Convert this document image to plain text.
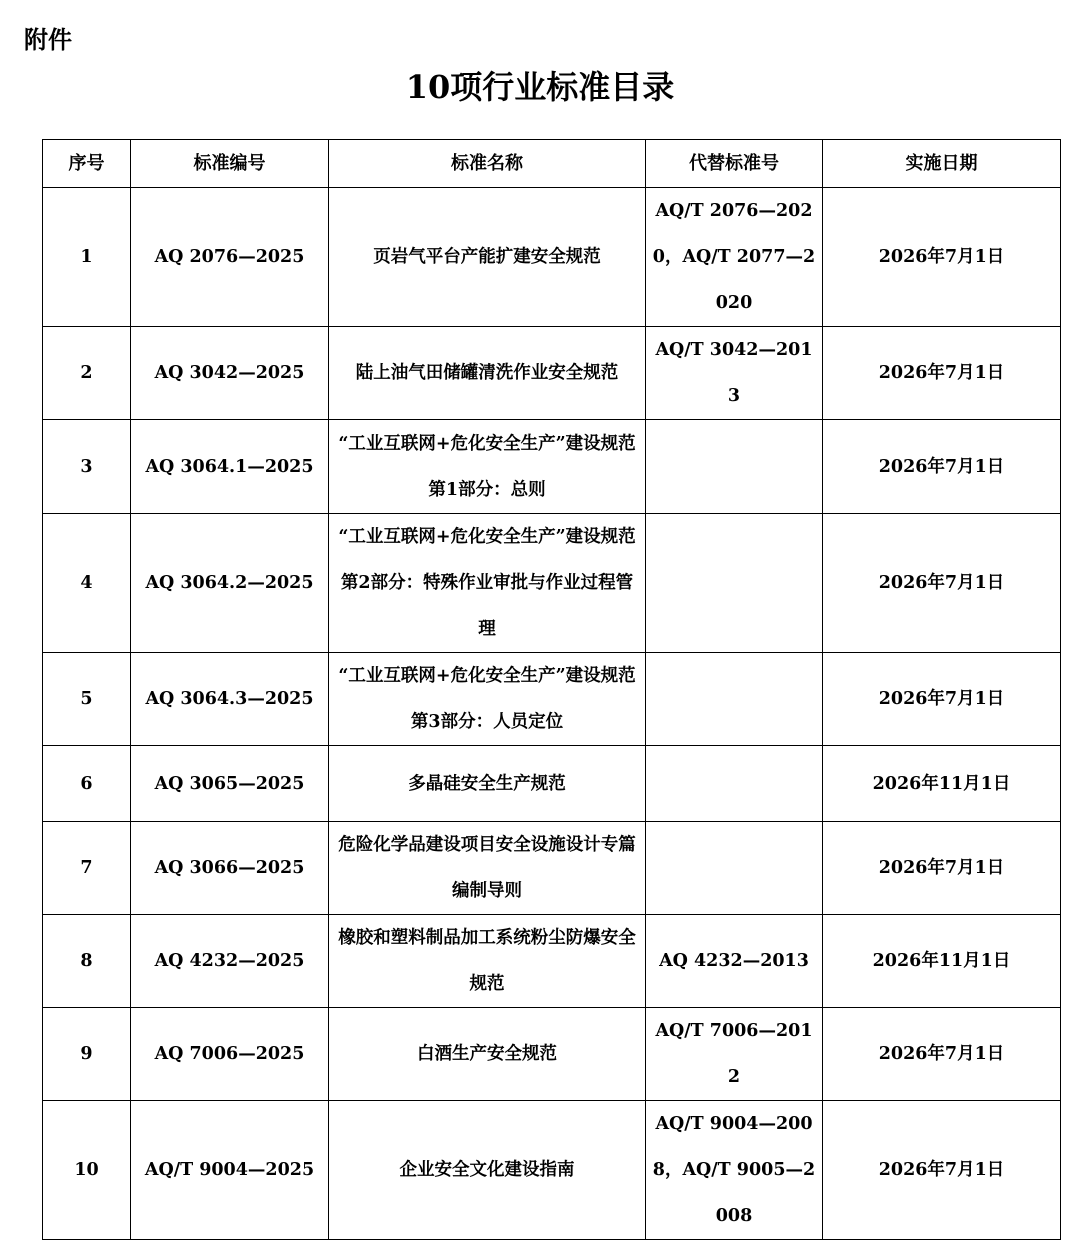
附件
10项行业标准目录
序号	标准编号	标准名称	代替标准号	实施日期
1	AQ 2076—2025	页岩气平台产能扩建安全规范	AQ/T 2076—2020，AQ/T 2077—2020	2026年7月1日
2	AQ 3042—2025	陆上油气田储罐清洗作业安全规范	AQ/T 3042—2013	2026年7月1日
3	AQ 3064.1—2025	“工业互联网+危化安全生产”建设规范 第1部分：总则		2026年7月1日
4	AQ 3064.2—2025	“工业互联网+危化安全生产”建设规范 第2部分：特殊作业审批与作业过程管理		2026年7月1日
5	AQ 3064.3—2025	“工业互联网+危化安全生产”建设规范 第3部分：人员定位		2026年7月1日
6	AQ 3065—2025	多晶硅安全生产规范		2026年11月1日
7	AQ 3066—2025	危险化学品建设项目安全设施设计专篇编制导则		2026年7月1日
8	AQ 4232—2025	橡胶和塑料制品加工系统粉尘防爆安全规范	AQ 4232—2013	2026年11月1日
9	AQ 7006—2025	白酒生产安全规范	AQ/T 7006—2012	2026年7月1日
10	AQ/T 9004—2025	企业安全文化建设指南	AQ/T 9004—2008，AQ/T 9005—2008	2026年7月1日
